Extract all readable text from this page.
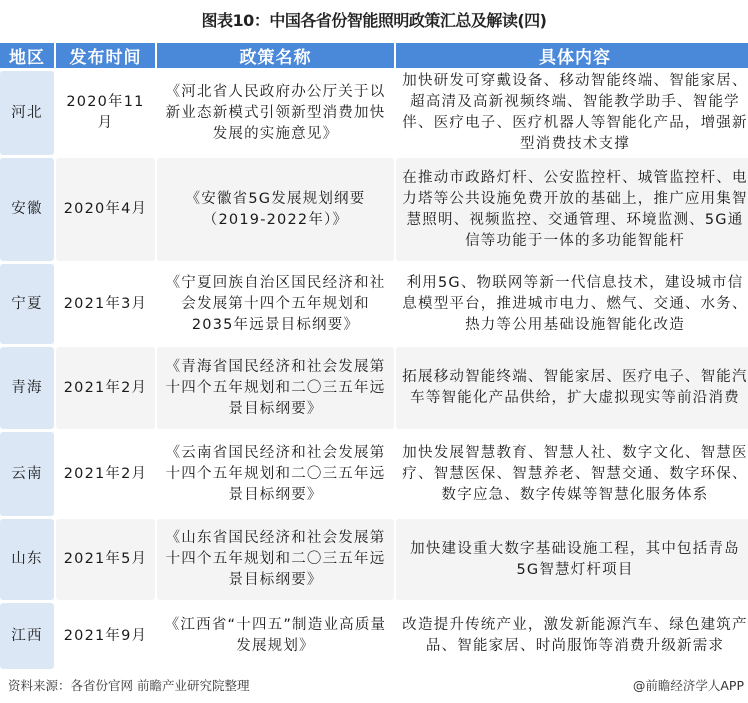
图表10：中国各省份智能照明政策汇总及解读(四)
地区	发布时间	政策名称	具体内容
河北	2020年11月	《河北省人民政府办公厅关于以新业态新模式引领新型消费加快发展的实施意见》	加快研发可穿戴设备、移动智能终端、智能家居、超高清及高新视频终端、智能教学助手、智能学伴、医疗电子、医疗机器人等智能化产品，增强新型消费技术支撑
安徽	2020年4月	《安徽省5G发展规划纲要（2019-2022年）》	在推动市政路灯杆、公安监控杆、城管监控杆、电力塔等公共设施免费开放的基础上，推广应用集智慧照明、视频监控、交通管理、环境监测、5G通信等功能于一体的多功能智能杆
宁夏	2021年3月	《宁夏回族自治区国民经济和社会发展第十四个五年规划和2035年远景目标纲要》	利用5G、物联网等新一代信息技术，建设城市信息模型平台，推进城市电力、燃气、交通、水务、热力等公用基础设施智能化改造
青海	2021年2月	《青海省国民经济和社会发展第十四个五年规划和二〇三五年远景目标纲要》	拓展移动智能终端、智能家居、医疗电子、智能汽车等智能化产品供给，扩大虚拟现实等前沿消费
云南	2021年2月	《云南省国民经济和社会发展第十四个五年规划和二〇三五年远景目标纲要》	加快发展智慧教育、智慧人社、数字文化、智慧医疗、智慧医保、智慧养老、智慧交通、数字环保、数字应急、数字传媒等智慧化服务体系
山东	2021年5月	《山东省国民经济和社会发展第十四个五年规划和二〇三五年远景目标纲要》	加快建设重大数字基础设施工程，其中包括青岛5G智慧灯杆项目
江西	2021年9月	《江西省“十四五”制造业高质量发展规划》	改造提升传统产业，激发新能源汽车、绿色建筑产品、智能家居、时尚服饰等消费升级新需求
资料来源：各省份官网 前瞻产业研究院整理	@前瞻经济学人APP
